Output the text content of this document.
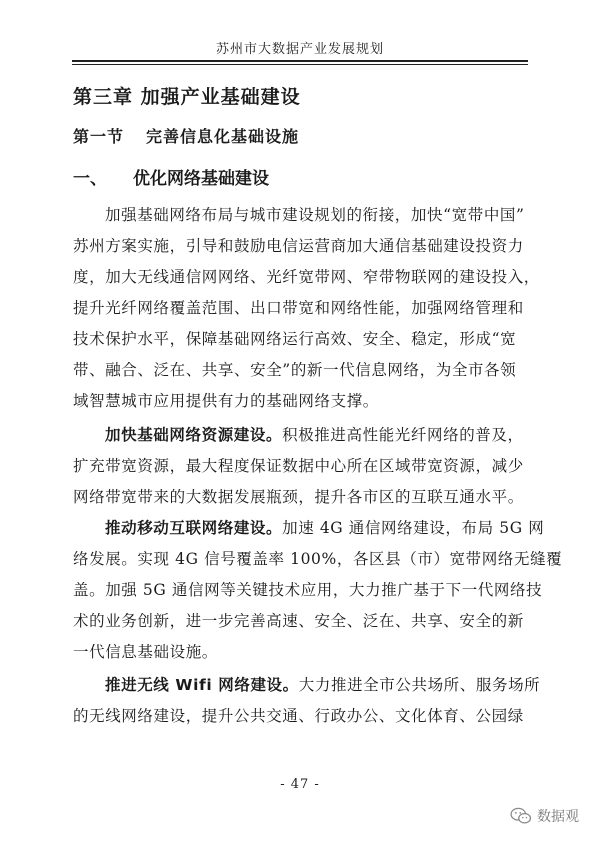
苏州市大数据产业发展规划
第三章 加强产业基础建设
第一节 完善信息化基础设施
一、 优化网络基础建设
加强基础网络布局与城市建设规划的衔接，加快“宽带中国”
苏州方案实施，引导和鼓励电信运营商加大通信基础建设投资力
度，加大无线通信网网络、光纤宽带网、窄带物联网的建设投入，
提升光纤网络覆盖范围、出口带宽和网络性能，加强网络管理和
技术保护水平，保障基础网络运行高效、安全、稳定，形成“宽
带、融合、泛在、共享、安全”的新一代信息网络，为全市各领
域智慧城市应用提供有力的基础网络支撑。
加快基础网络资源建设。积极推进高性能光纤网络的普及，
扩充带宽资源，最大程度保证数据中心所在区域带宽资源，减少
网络带宽带来的大数据发展瓶颈，提升各市区的互联互通水平。
推动移动互联网络建设。加速 4G 通信网络建设，布局 5G 网
络发展。实现 4G 信号覆盖率 100%，各区县（市）宽带网络无缝覆
盖。加强 5G 通信网等关键技术应用，大力推广基于下一代网络技
术的业务创新，进一步完善高速、安全、泛在、共享、安全的新
一代信息基础设施。
推进无线 Wifi 网络建设。大力推进全市公共场所、服务场所
的无线网络建设，提升公共交通、行政办公、文化体育、公园绿
- 47 -
数据观
